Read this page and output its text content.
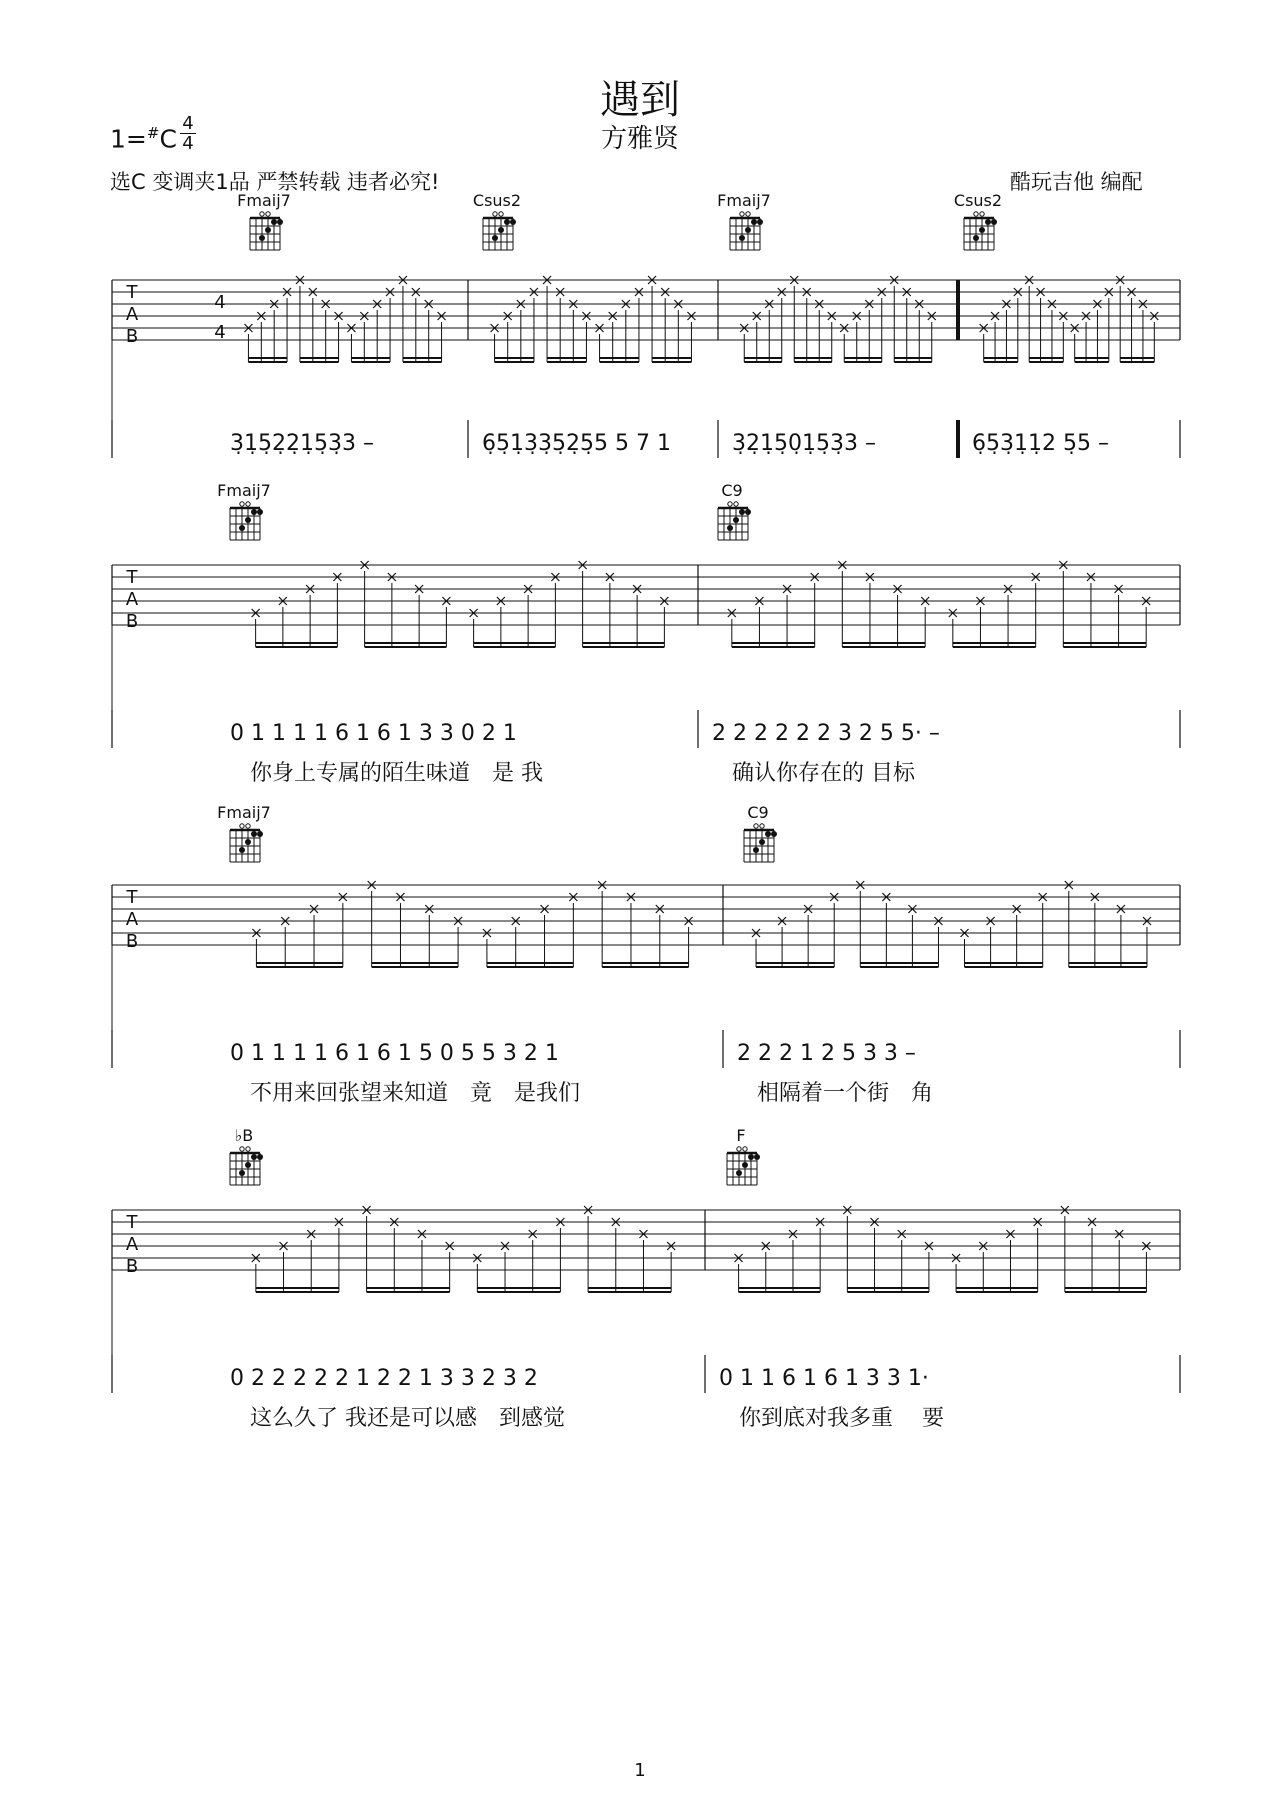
遇到
方雅贤
1=#C
4
4
选C 变调夹1品 严禁转载 违者必究!	酷玩吉他 编配
T
A
B
4
4
3̣1̣5̣2̣2̣1̣5̣3̣3 –	6̣5̣1̣3̣3̣5̣2̣5̣5 5 7 1	3̣2̣1̣5̣0̣1̣5̣3̣3 –	6̣5̣3̣1̣1̣2 5̣5 –
Fmaij7	Csus2	Fmaij7	Csus2
T
A
B
0 1 1 1 1 6 1 6 1 3 3 0 2 1
你身上专属的陌生味道　是 我
2 2 2 2 2 2 3 2 5 5· –
确认你存在的 目标
Fmaij7	C9
T
A
B
0 1 1 1 1 6 1 6 1 5 0 5 5 3 2 1
不用来回张望来知道　竟　是我们
2 2 2 1 2 5 3 3 –
相隔着一个街　角
Fmaij7	C9
T
A
B
0 2 2 2 2 2 1 2 2 1 3 3 2 3 2
这么久了 我还是可以感　到感觉
0 1 1 6 1 6 1 3 3 1·
你到底对我多重　 要
♭B	F
1
